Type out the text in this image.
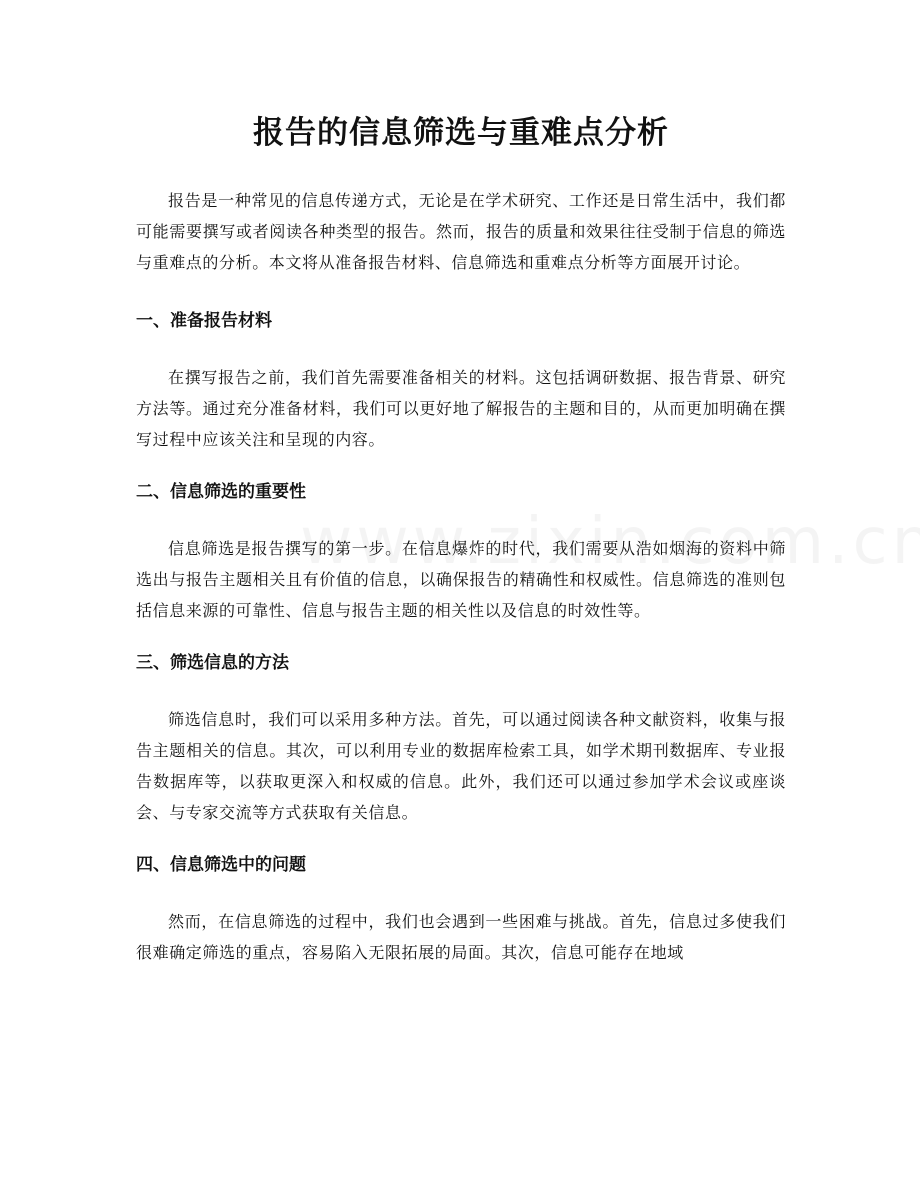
报告的信息筛选与重难点分析

报告是一种常见的信息传递方式，无论是在学术研究、工作还是日常生活中，我们都可能需要撰写或者阅读各种类型的报告。然而，报告的质量和效果往往受制于信息的筛选与重难点的分析。本文将从准备报告材料、信息筛选和重难点分析等方面展开讨论。

一、准备报告材料

在撰写报告之前，我们首先需要准备相关的材料。这包括调研数据、报告背景、研究方法等。通过充分准备材料，我们可以更好地了解报告的主题和目的，从而更加明确在撰写过程中应该关注和呈现的内容。

二、信息筛选的重要性

信息筛选是报告撰写的第一步。在信息爆炸的时代，我们需要从浩如烟海的资料中筛选出与报告主题相关且有价值的信息，以确保报告的精确性和权威性。信息筛选的准则包括信息来源的可靠性、信息与报告主题的相关性以及信息的时效性等。

三、筛选信息的方法

筛选信息时，我们可以采用多种方法。首先，可以通过阅读各种文献资料，收集与报告主题相关的信息。其次，可以利用专业的数据库检索工具，如学术期刊数据库、专业报告数据库等，以获取更深入和权威的信息。此外，我们还可以通过参加学术会议或座谈会、与专家交流等方式获取有关信息。

四、信息筛选中的问题

然而，在信息筛选的过程中，我们也会遇到一些困难与挑战。首先，信息过多使我们很难确定筛选的重点，容易陷入无限拓展的局面。其次，信息可能存在地域
